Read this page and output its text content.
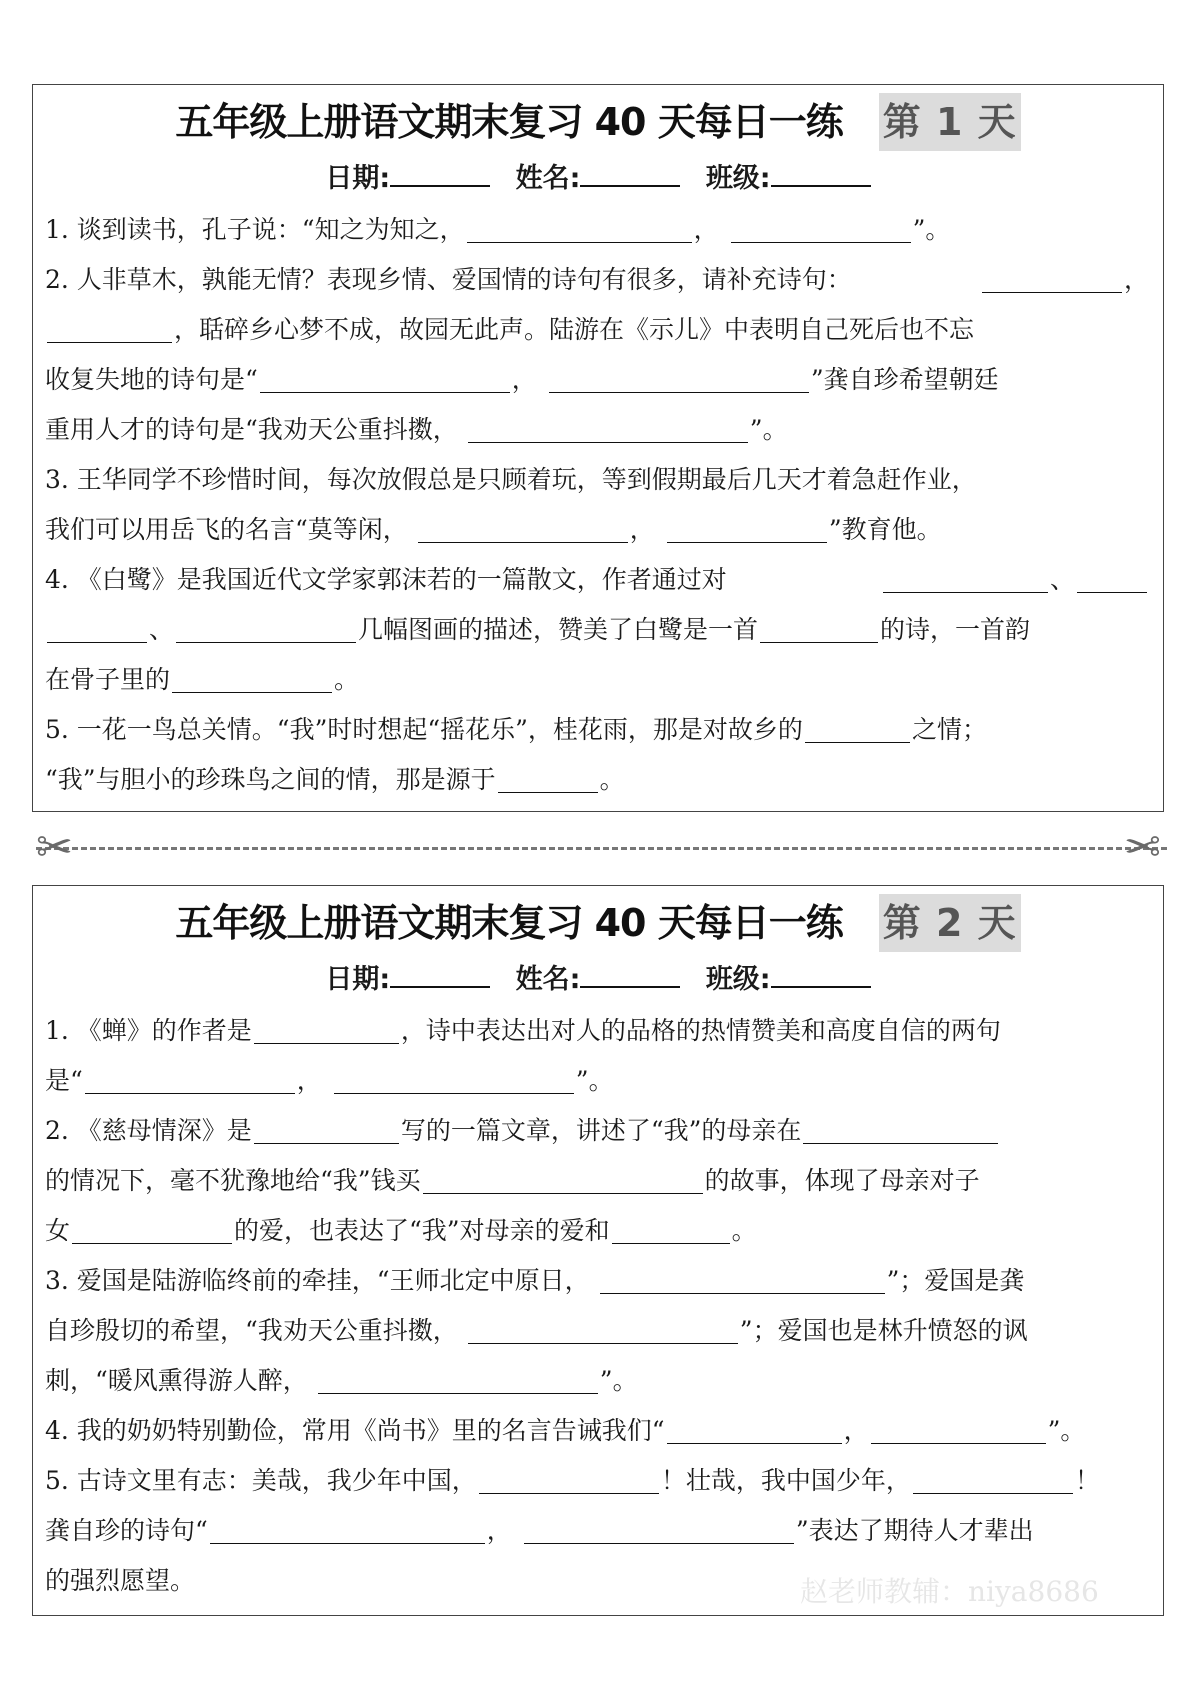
五年级上册语文期末复习 40 天每日一练 第 1 天
日期:	姓名:	班级:
1. 谈到读书，孔子说：“知之为知之，	，	”。
2. 人非草木，孰能无情？表现乡情、爱国情的诗句有很多，请补充诗句：	，
，聒碎乡心梦不成，故园无此声。陆游在《示儿》中表明自己死后也不忘
收复失地的诗句是“	，	”龚自珍希望朝廷
重用人才的诗句是“我劝天公重抖擞，	”。
3. 王华同学不珍惜时间，每次放假总是只顾着玩，等到假期最后几天才着急赶作业，
我们可以用岳飞的名言“莫等闲，	，	”教育他。
4. 《白鹭》是我国近代文学家郭沫若的一篇散文，作者通过对	、
、	几幅图画的描述，赞美了白鹭是一首	的诗，一首韵
在骨子里的	。
5. 一花一鸟总关情。“我”时时想起“摇花乐”，桂花雨，那是对故乡的	之情；
“我”与胆小的珍珠鸟之间的情，那是源于	。
✂	✂
五年级上册语文期末复习 40 天每日一练 第 2 天
日期:	姓名:	班级:
1. 《蝉》的作者是	，诗中表达出对人的品格的热情赞美和高度自信的两句
是“	，	”。
2. 《慈母情深》是	写的一篇文章，讲述了“我”的母亲在
的情况下，毫不犹豫地给“我”钱买	的故事，体现了母亲对子
女	的爱，也表达了“我”对母亲的爱和	。
3. 爱国是陆游临终前的牵挂，“王师北定中原日，	”；爱国是龚
自珍殷切的希望，“我劝天公重抖擞，	”；爱国也是林升愤怒的讽
刺，“暖风熏得游人醉，	”。
4. 我的奶奶特别勤俭，常用《尚书》里的名言告诫我们“	，	”。
5. 古诗文里有志：美哉，我少年中国，	！壮哉，我中国少年，	！
龚自珍的诗句“	，	”表达了期待人才辈出
的强烈愿望。	赵老师教辅：niya8686
